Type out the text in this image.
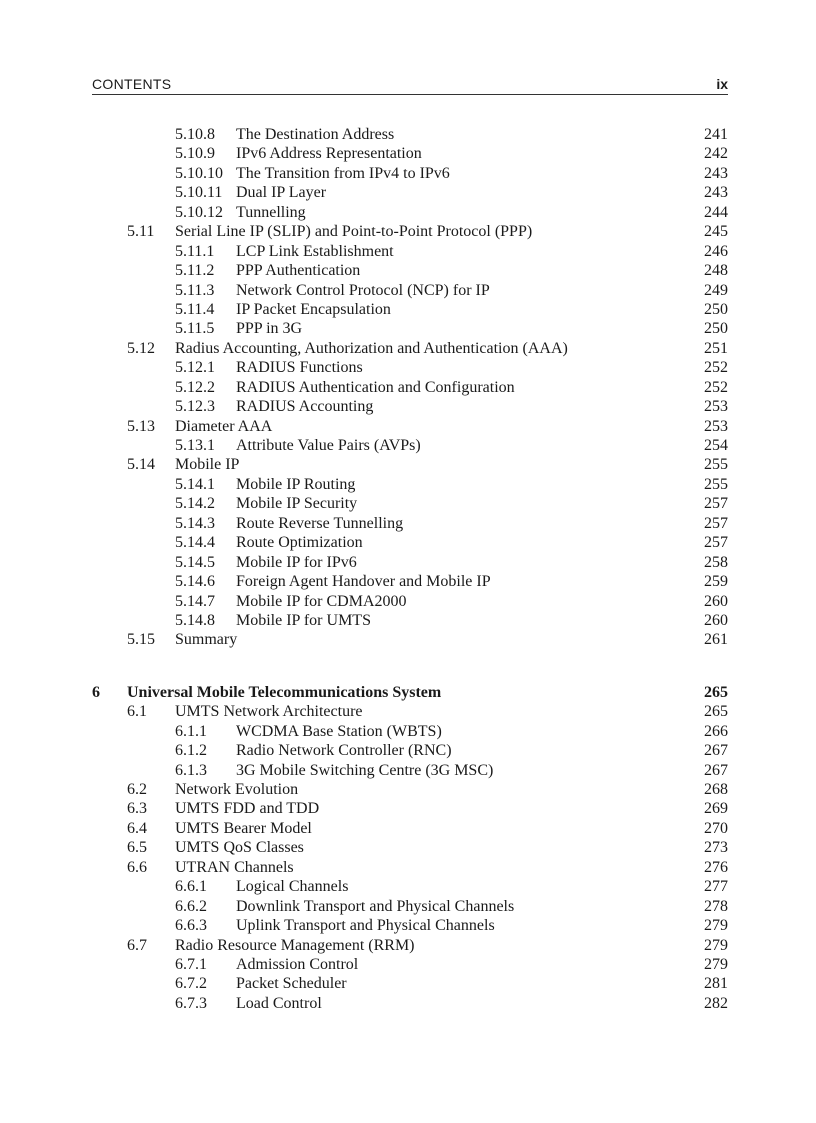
CONTENTS	ix
5.10.8 The Destination Address	241
5.10.9 IPv6 Address Representation	242
5.10.10 The Transition from IPv4 to IPv6	243
5.10.11 Dual IP Layer	243
5.10.12 Tunnelling	244
5.11 Serial Line IP (SLIP) and Point-to-Point Protocol (PPP)	245
5.11.1 LCP Link Establishment	246
5.11.2 PPP Authentication	248
5.11.3 Network Control Protocol (NCP) for IP	249
5.11.4 IP Packet Encapsulation	250
5.11.5 PPP in 3G	250
5.12 Radius Accounting, Authorization and Authentication (AAA)	251
5.12.1 RADIUS Functions	252
5.12.2 RADIUS Authentication and Configuration	252
5.12.3 RADIUS Accounting	253
5.13 Diameter AAA	253
5.13.1 Attribute Value Pairs (AVPs)	254
5.14 Mobile IP	255
5.14.1 Mobile IP Routing	255
5.14.2 Mobile IP Security	257
5.14.3 Route Reverse Tunnelling	257
5.14.4 Route Optimization	257
5.14.5 Mobile IP for IPv6	258
5.14.6 Foreign Agent Handover and Mobile IP	259
5.14.7 Mobile IP for CDMA2000	260
5.14.8 Mobile IP for UMTS	260
5.15 Summary	261
6 Universal Mobile Telecommunications System	265
6.1 UMTS Network Architecture	265
6.1.1 WCDMA Base Station (WBTS)	266
6.1.2 Radio Network Controller (RNC)	267
6.1.3 3G Mobile Switching Centre (3G MSC)	267
6.2 Network Evolution	268
6.3 UMTS FDD and TDD	269
6.4 UMTS Bearer Model	270
6.5 UMTS QoS Classes	273
6.6 UTRAN Channels	276
6.6.1 Logical Channels	277
6.6.2 Downlink Transport and Physical Channels	278
6.6.3 Uplink Transport and Physical Channels	279
6.7 Radio Resource Management (RRM)	279
6.7.1 Admission Control	279
6.7.2 Packet Scheduler	281
6.7.3 Load Control	282
